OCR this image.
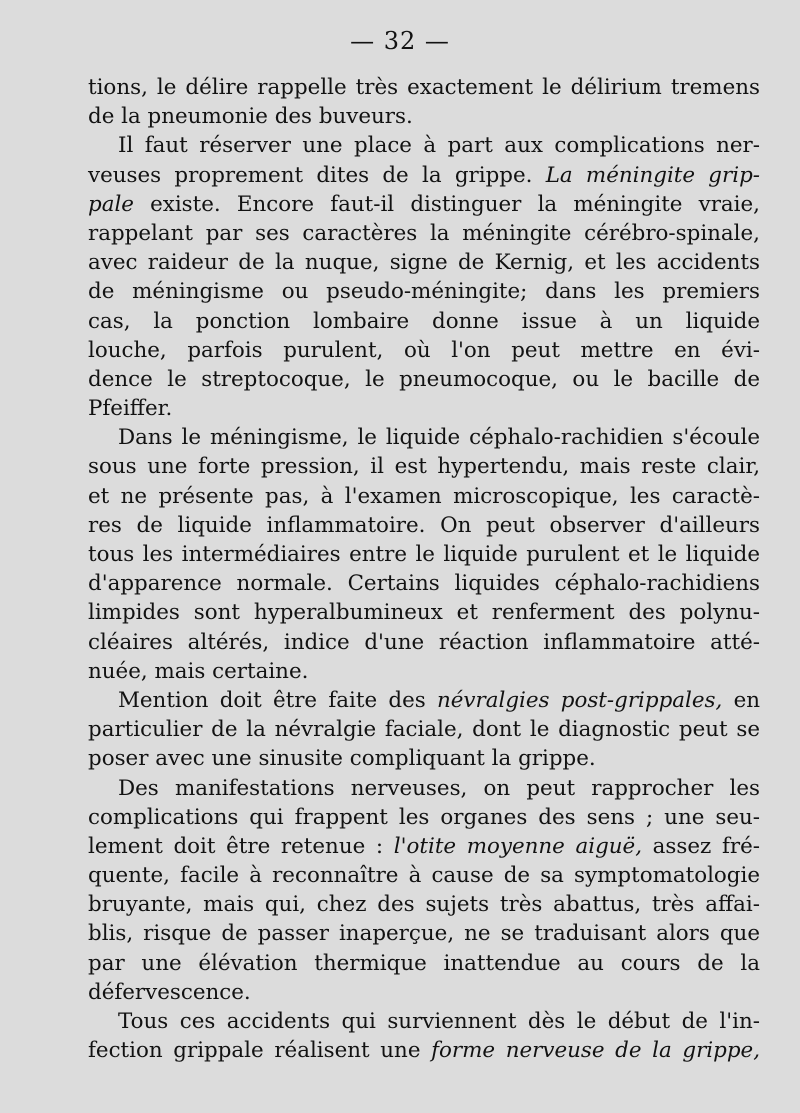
— 32 —
tions, le délire rappelle très exactement le délirium tremens
de la pneumonie des buveurs.
Il faut réserver une place à part aux complications ner-
veuses proprement dites de la grippe. La méningite grip-
pale existe. Encore faut-il distinguer la méningite vraie,
rappelant par ses caractères la méningite cérébro-spinale,
avec raideur de la nuque, signe de Kernig, et les accidents
de méningisme ou pseudo-méningite; dans les premiers
cas, la ponction lombaire donne issue à un liquide
louche, parfois purulent, où l'on peut mettre en évi-
dence le streptocoque, le pneumocoque, ou le bacille de
Pfeiffer.
Dans le méningisme, le liquide céphalo-rachidien s'écoule
sous une forte pression, il est hypertendu, mais reste clair,
et ne présente pas, à l'examen microscopique, les caractè-
res de liquide inflammatoire. On peut observer d'ailleurs
tous les intermédiaires entre le liquide purulent et le liquide
d'apparence normale. Certains liquides céphalo-rachidiens
limpides sont hyperalbumineux et renferment des polynu-
cléaires altérés, indice d'une réaction inflammatoire atté-
nuée, mais certaine.
Mention doit être faite des névralgies post-grippales, en
particulier de la névralgie faciale, dont le diagnostic peut se
poser avec une sinusite compliquant la grippe.
Des manifestations nerveuses, on peut rapprocher les
complications qui frappent les organes des sens ; une seu-
lement doit être retenue : l'otite moyenne aiguë, assez fré-
quente, facile à reconnaître à cause de sa symptomatologie
bruyante, mais qui, chez des sujets très abattus, très affai-
blis, risque de passer inaperçue, ne se traduisant alors que
par une élévation thermique inattendue au cours de la
défervescence.
Tous ces accidents qui surviennent dès le début de l'in-
fection grippale réalisent une forme nerveuse de la grippe,
